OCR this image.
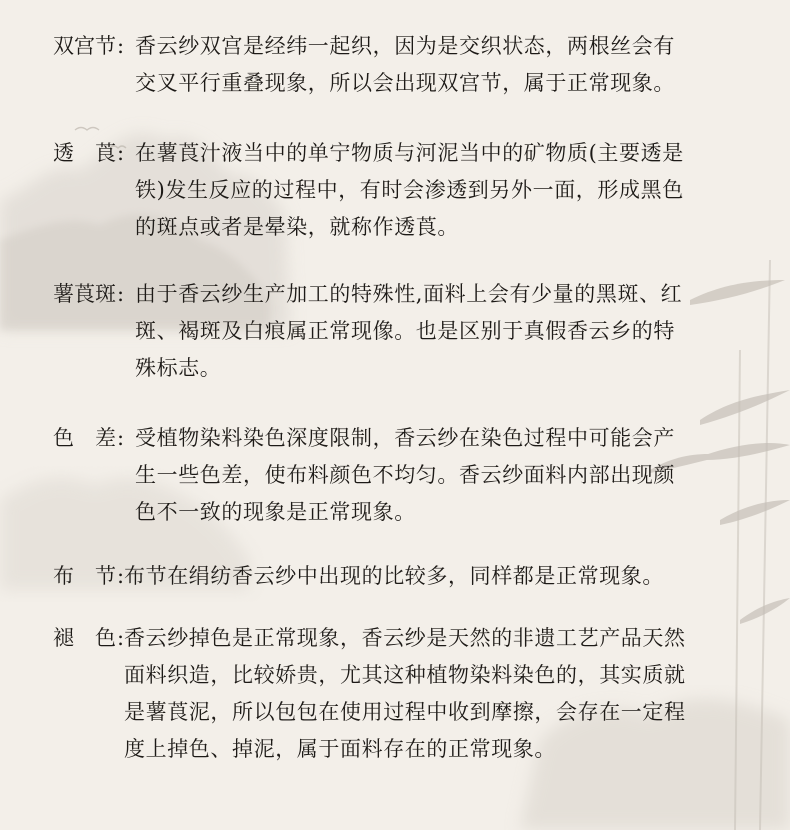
双宫节: 香云纱双宫是经纬一起织，因为是交织状态，两根丝会有
交叉平行重叠现象，所以会出现双宫节，属于正常现象。
透　莨: 在薯莨汁液当中的单宁物质与河泥当中的矿物质(主要透是
铁)发生反应的过程中，有时会渗透到另外一面，形成黑色
的斑点或者是晕染，就称作透莨。
薯莨斑: 由于香云纱生产加工的特殊性,面料上会有少量的黑斑、红
斑、褐斑及白痕属正常现像。也是区别于真假香云乡的特
殊标志。
色　差: 受植物染料染色深度限制，香云纱在染色过程中可能会产
生一些色差，使布料颜色不均匀。香云纱面料内部出现颜
色不一致的现象是正常现象。
布　节: 布节在绢纺香云纱中出现的比较多，同样都是正常现象。
褪　色: 香云纱掉色是正常现象，香云纱是天然的非遗工艺产品天然
面料织造，比较娇贵，尤其这种植物染料染色的，其实质就
是薯莨泥，所以包包在使用过程中收到摩擦，会存在一定程
度上掉色、掉泥，属于面料存在的正常现象。
